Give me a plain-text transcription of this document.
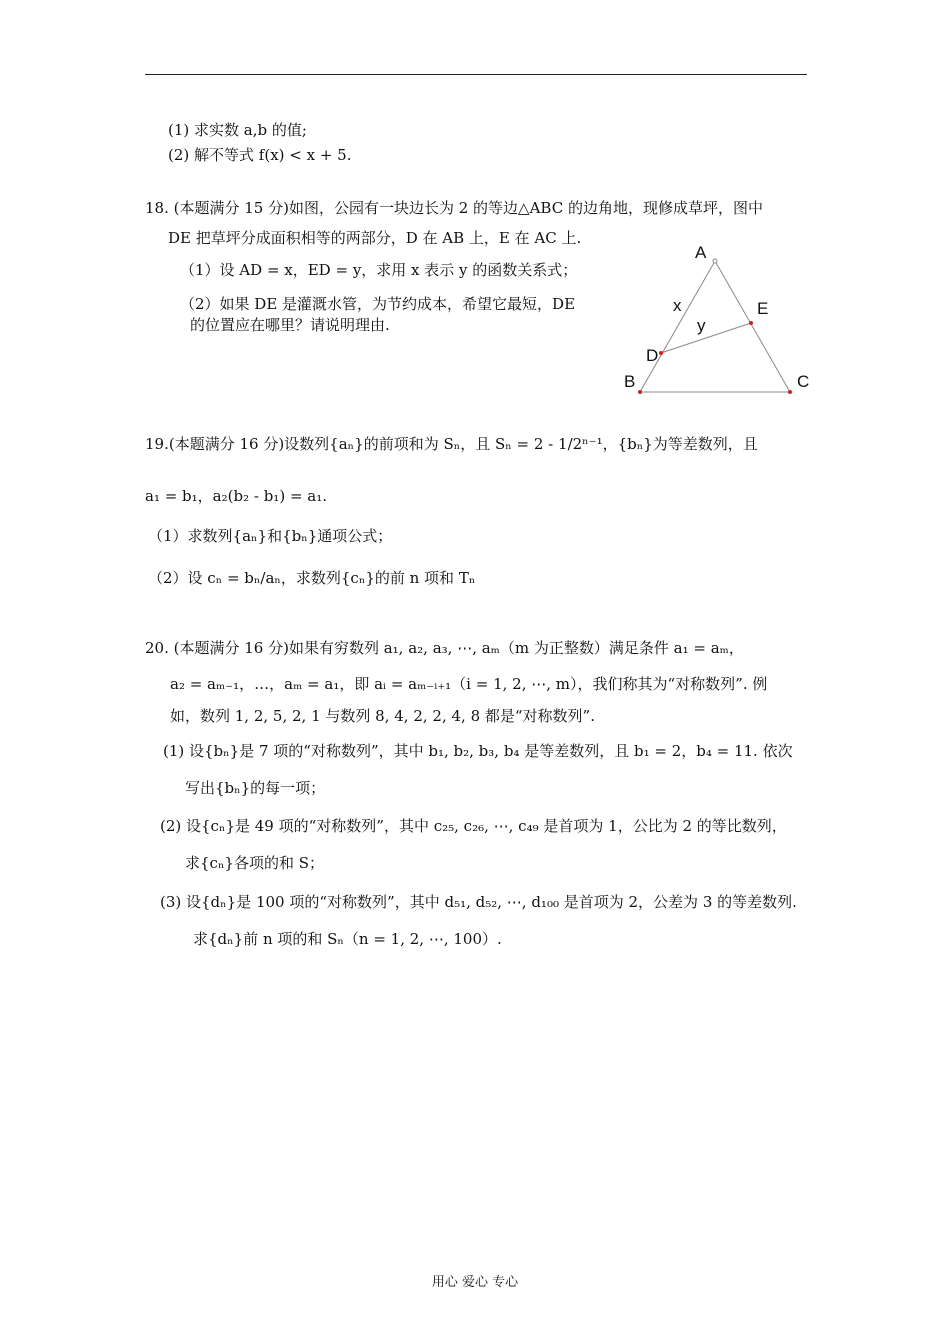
(1) 求实数 a,b 的值;
(2) 解不等式 f(x) < x + 5.
18. (本题满分 15 分)如图，公园有一块边长为 2 的等边△ABC 的边角地，现修成草坪，图中
DE 把草坪分成面积相等的两部分，D 在 AB 上，E 在 AC 上.
（1）设 AD = x，ED = y，求用 x 表示 y 的函数关系式；
（2）如果 DE 是灌溉水管，为节约成本，希望它最短，DE
的位置应在哪里？请说明理由.
A
B	C
D
E
x
y
19.(本题满分 16 分)设数列{aₙ}的前项和为 Sₙ，且 Sₙ = 2 - 1/2ⁿ⁻¹，{bₙ}为等差数列，且
a₁ = b₁，a₂(b₂ - b₁) = a₁.
（1）求数列{aₙ}和{bₙ}通项公式；
（2）设 cₙ = bₙ/aₙ，求数列{cₙ}的前 n 项和 Tₙ
20. (本题满分 16 分)如果有穷数列 a₁, a₂, a₃, ⋯, aₘ（m 为正整数）满足条件 a₁ = aₘ，
a₂ = aₘ₋₁，…，aₘ = a₁，即 aᵢ = aₘ₋ᵢ₊₁（i = 1, 2, ⋯, m），我们称其为“对称数列”. 例
如，数列 1, 2, 5, 2, 1 与数列 8, 4, 2, 2, 4, 8 都是“对称数列”.
(1) 设{bₙ}是 7 项的“对称数列”，其中 b₁, b₂, b₃, b₄ 是等差数列，且 b₁ = 2，b₄ = 11. 依次
写出{bₙ}的每一项；
(2) 设{cₙ}是 49 项的“对称数列”，其中 c₂₅, c₂₆, ⋯, c₄₉ 是首项为 1，公比为 2 的等比数列，
求{cₙ}各项的和 S；
(3) 设{dₙ}是 100 项的“对称数列”，其中 d₅₁, d₅₂, ⋯, d₁₀₀ 是首项为 2，公差为 3 的等差数列.
求{dₙ}前 n 项的和 Sₙ（n = 1, 2, ⋯, 100）.
用心 爱心 专心
